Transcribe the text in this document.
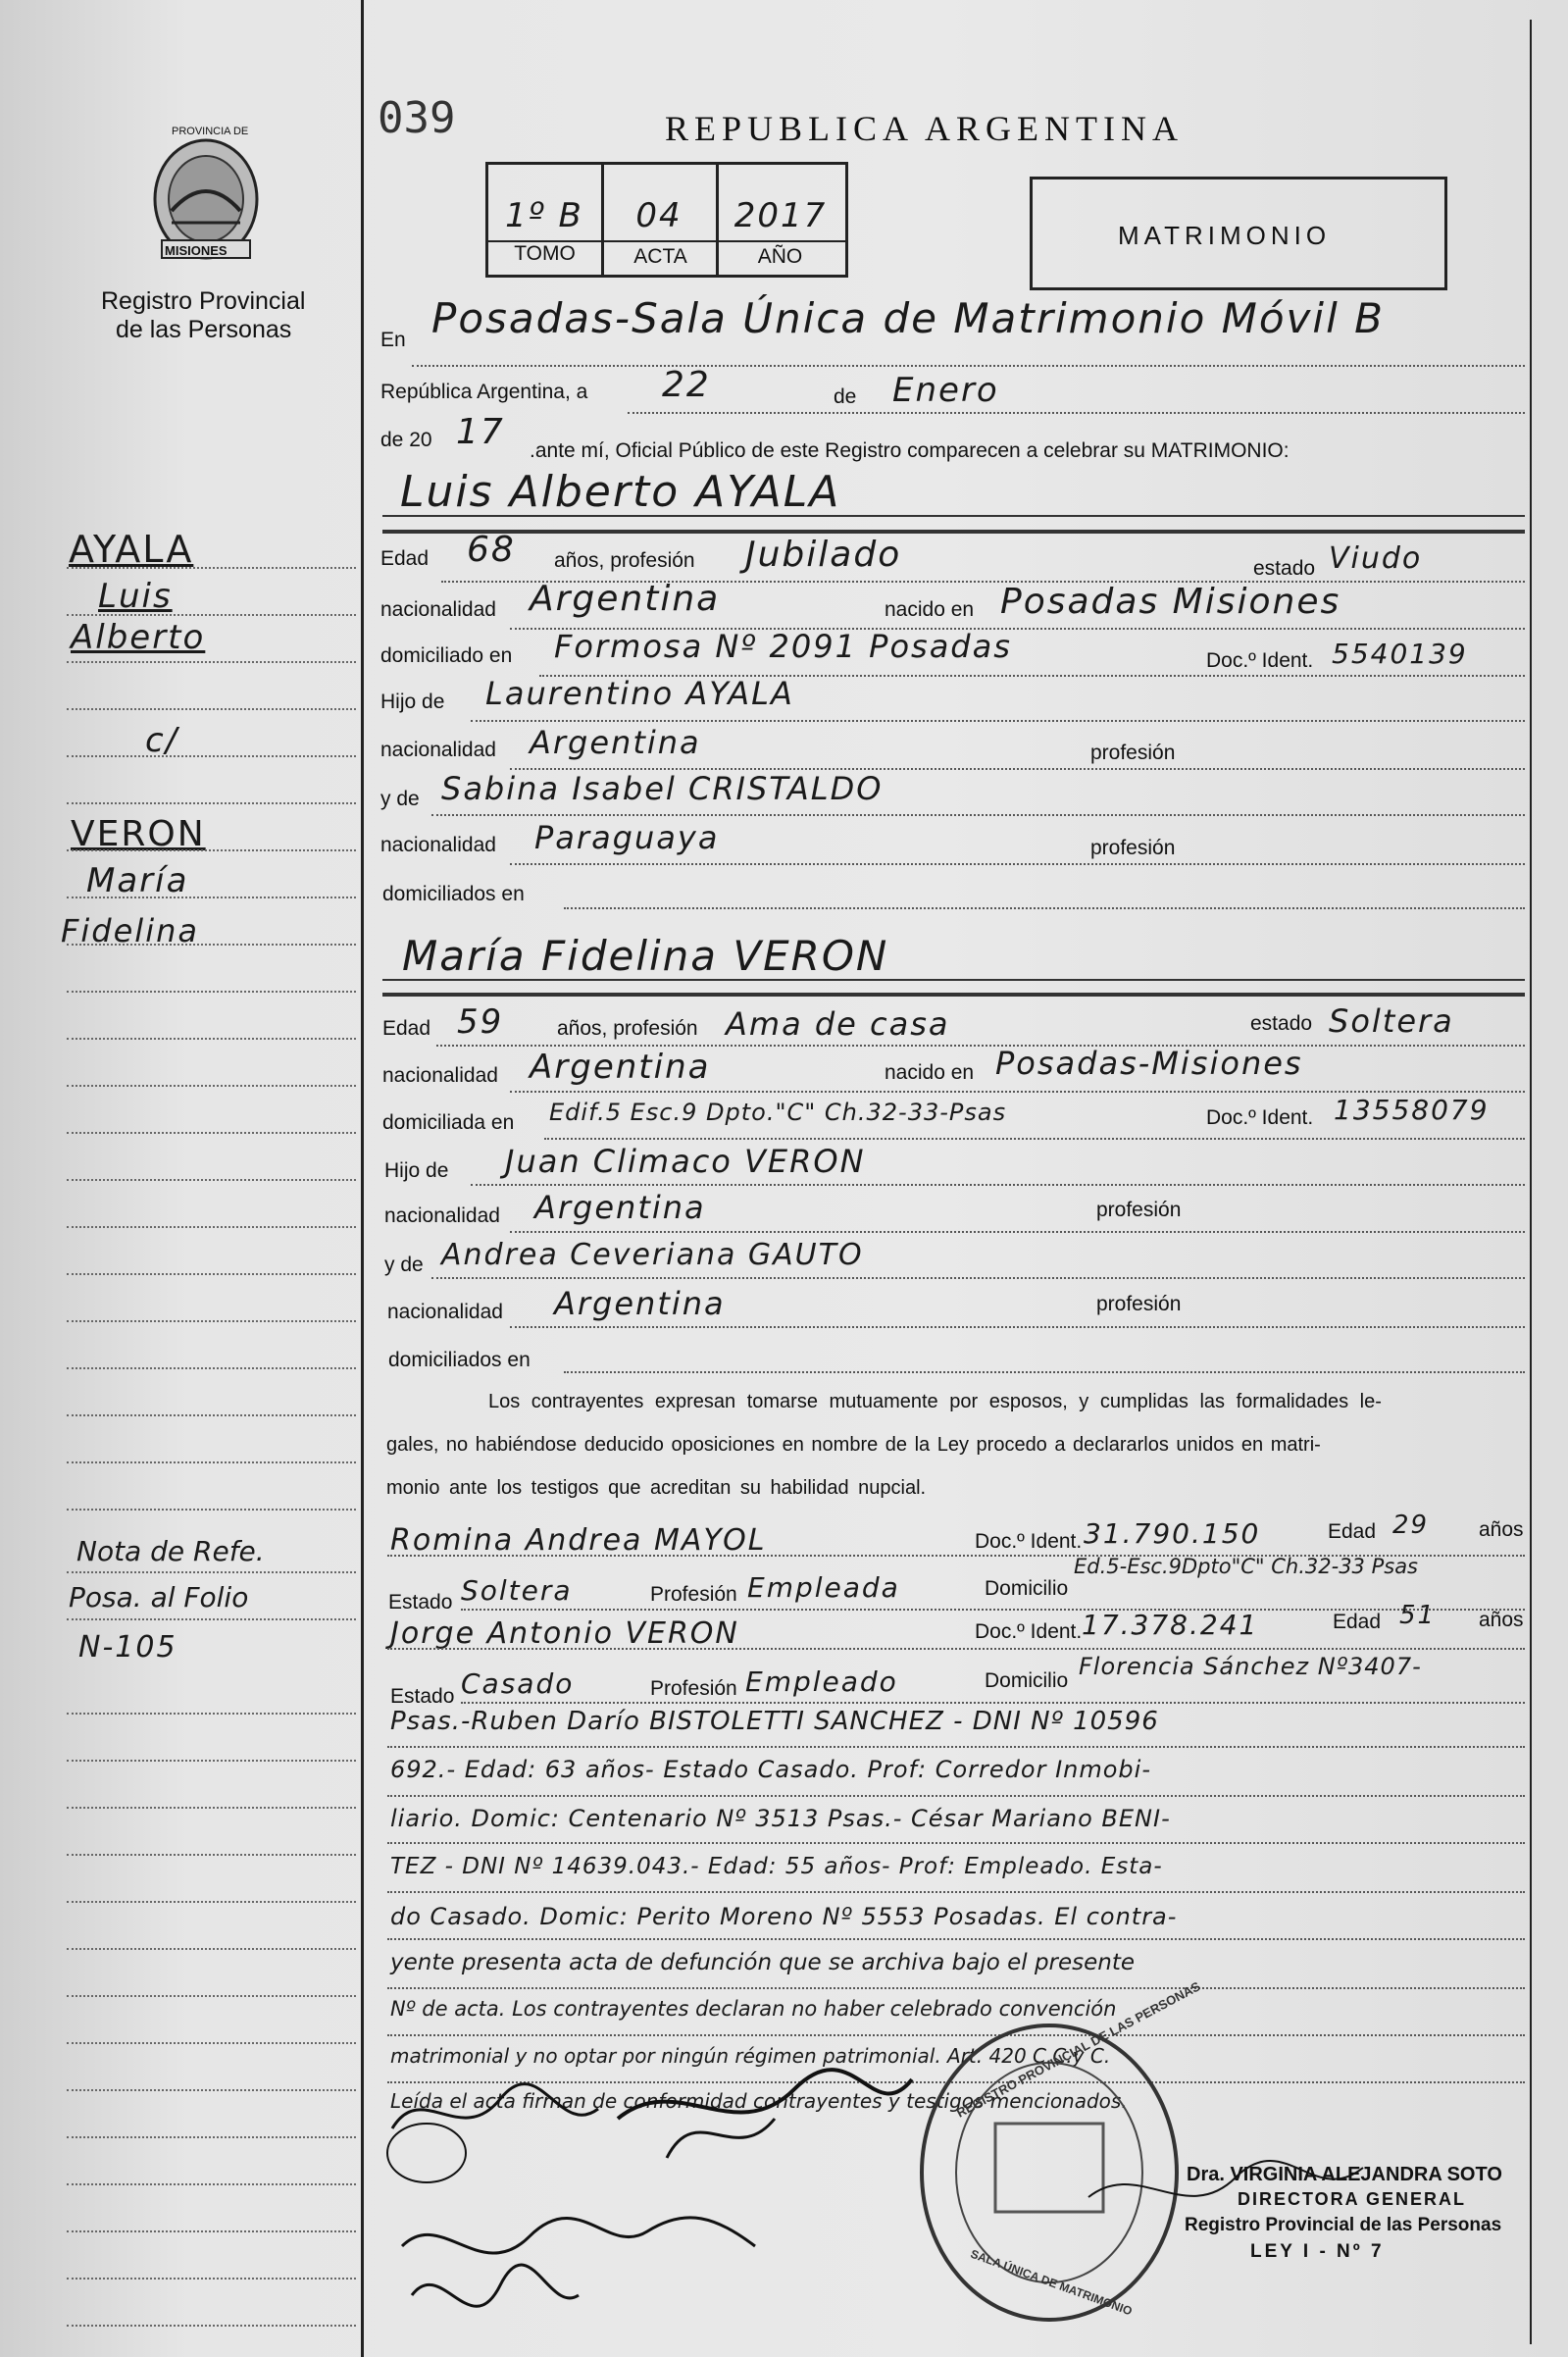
MISIONES
Registro Provincial
de las Personas
PROVINCIA DE	039	REPUBLICA ARGENTINA
1º B	04	2017
TOMO	ACTA	AÑO
MATRIMONIO
En Posadas-Sala Única de Matrimonio Móvil B
República Argentina, a 22	de Enero
de 20 17 .ante mí, Oficial Público de este Registro comparecen a celebrar su MATRIMONIO:
Luis Alberto AYALA
Edad 68 años, profesión Jubilado	estado Viudo
nacionalidad Argentina	nacido en Posadas Misiones
domiciliado en Formosa Nº 2091 Posadas	Doc.º Ident. 5540139
Hijo de Laurentino AYALA
nacionalidad Argentina	profesión
y de Sabina Isabel CRISTALDO
nacionalidad Paraguaya	profesión
domiciliados en
María Fidelina VERON
Edad 59	años, profesión Ama de casa	estado Soltera
nacionalidad Argentina	nacido en Posadas-Misiones
domiciliada en Edif.5 Esc.9 Dpto."C" Ch.32-33-Psas	Doc.º Ident. 13558079
Hijo de Juan Climaco VERON
nacionalidad Argentina	profesión
y de Andrea Ceveriana GAUTO
nacionalidad Argentina	profesión
domiciliados en
Los contrayentes expresan tomarse mutuamente por esposos, y cumplidas las formalidades le-
gales, no habiéndose deducido oposiciones en nombre de la Ley procedo a declararlos unidos en matri-
monio ante los testigos que acreditan su habilidad nupcial.
Romina Andrea MAYOL	Doc.º Ident. 31.790.150	Edad 29 años
Estado Soltera	Profesión Empleada	Domicilio
Ed.5-Esc.9Dpto"C" Ch.32-33 Psas
Jorge Antonio VERON	Doc.º Ident. 17.378.241	Edad 51 años
Estado Casado	Profesión Empleado	Domicilio
Florencia Sánchez Nº3407-
Psas.-Ruben Darío BISTOLETTI SANCHEZ - DNI Nº 10596
692.- Edad: 63 años- Estado Casado. Prof: Corredor Inmobi-
liario. Domic: Centenario Nº 3513 Psas.- César Mariano BENI-
TEZ - DNI Nº 14639.043.- Edad: 55 años- Prof: Empleado. Esta-
do Casado. Domic: Perito Moreno Nº 5553 Posadas. El contra-
yente presenta acta de defunción que se archiva bajo el presente
Nº de acta. Los contrayentes declaran no haber celebrado convención
matrimonial y no optar por ningún régimen patrimonial. Art. 420 C.C.y C.
Leída el acta firman de conformidad contrayentes y testigos mencionados.
REGISTRO PROVINCIAL DE LAS PERSONAS
SALA ÚNICA DE MATRIMONIO
Dra. VIRGINIA ALEJANDRA SOTO
DIRECTORA GENERAL
Registro Provincial de las Personas
LEY I - Nº 7
AYALA
Luis
Alberto
c/
VERON
María
Fidelina
Nota de Refe.
Posa. al Folio
N-105
